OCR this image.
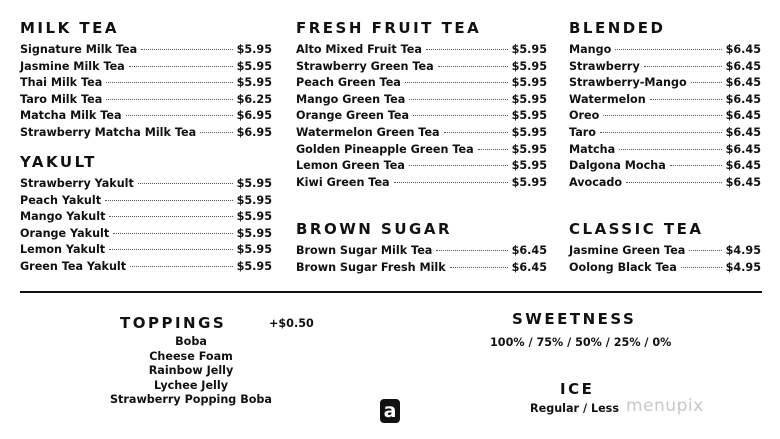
MILK TEA
Signature Milk Tea	$5.95
Jasmine Milk Tea	$5.95
Thai Milk Tea	$5.95
Taro Milk Tea	$6.25
Matcha Milk Tea	$6.95
Strawberry Matcha Milk Tea	$6.95
YAKULT
Strawberry Yakult	$5.95
Peach Yakult	$5.95
Mango Yakult	$5.95
Orange Yakult	$5.95
Lemon Yakult	$5.95
Green Tea Yakult	$5.95
FRESH FRUIT TEA
Alto Mixed Fruit Tea	$5.95
Strawberry Green Tea	$5.95
Peach Green Tea	$5.95
Mango Green Tea	$5.95
Orange Green Tea	$5.95
Watermelon Green Tea	$5.95
Golden Pineapple Green Tea	$5.95
Lemon Green Tea	$5.95
Kiwi Green Tea	$5.95
BROWN SUGAR
Brown Sugar Milk Tea	$6.45
Brown Sugar Fresh Milk	$6.45
BLENDED
Mango	$6.45
Strawberry	$6.45
Strawberry-Mango	$6.45
Watermelon	$6.45
Oreo	$6.45
Taro	$6.45
Matcha	$6.45
Dalgona Mocha	$6.45
Avocado	$6.45
CLASSIC TEA
Jasmine Green Tea	$4.95
Oolong Black Tea	$4.95
TOPPINGS	+$0.50
Boba
Cheese Foam
Rainbow Jelly
Lychee Jelly
Strawberry Popping Boba
SWEETNESS
100% / 75% / 50% / 25% / 0%
ICE
Regular / Less
a	menupix
